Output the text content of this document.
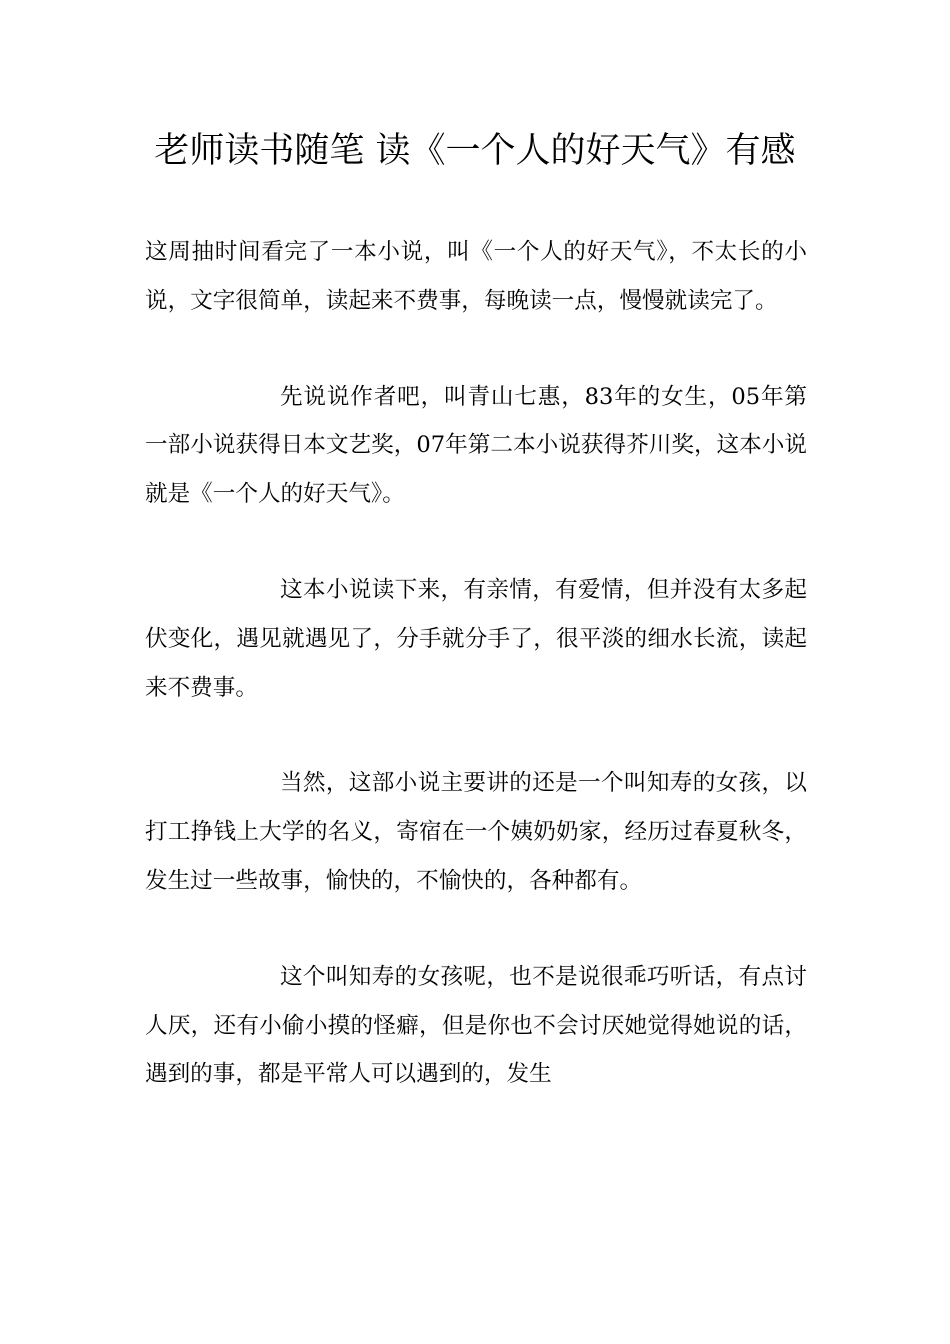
老师读书随笔 读《一个人的好天气》有感

这周抽时间看完了一本小说，叫《一个人的好天气》，不太长的小说，文字很简单，读起来不费事，每晚读一点，慢慢就读完了。

先说说作者吧，叫青山七惠，83年的女生，05年第一部小说获得日本文艺奖，07年第二本小说获得芥川奖，这本小说就是《一个人的好天气》。

这本小说读下来，有亲情，有爱情，但并没有太多起伏变化，遇见就遇见了，分手就分手了，很平淡的细水长流，读起来不费事。

当然，这部小说主要讲的还是一个叫知寿的女孩，以打工挣钱上大学的名义，寄宿在一个姨奶奶家，经历过春夏秋冬，发生过一些故事，愉快的，不愉快的，各种都有。

这个叫知寿的女孩呢，也不是说很乖巧听话，有点讨人厌，还有小偷小摸的怪癖，但是你也不会讨厌她觉得她说的话，遇到的事，都是平常人可以遇到的，发生
